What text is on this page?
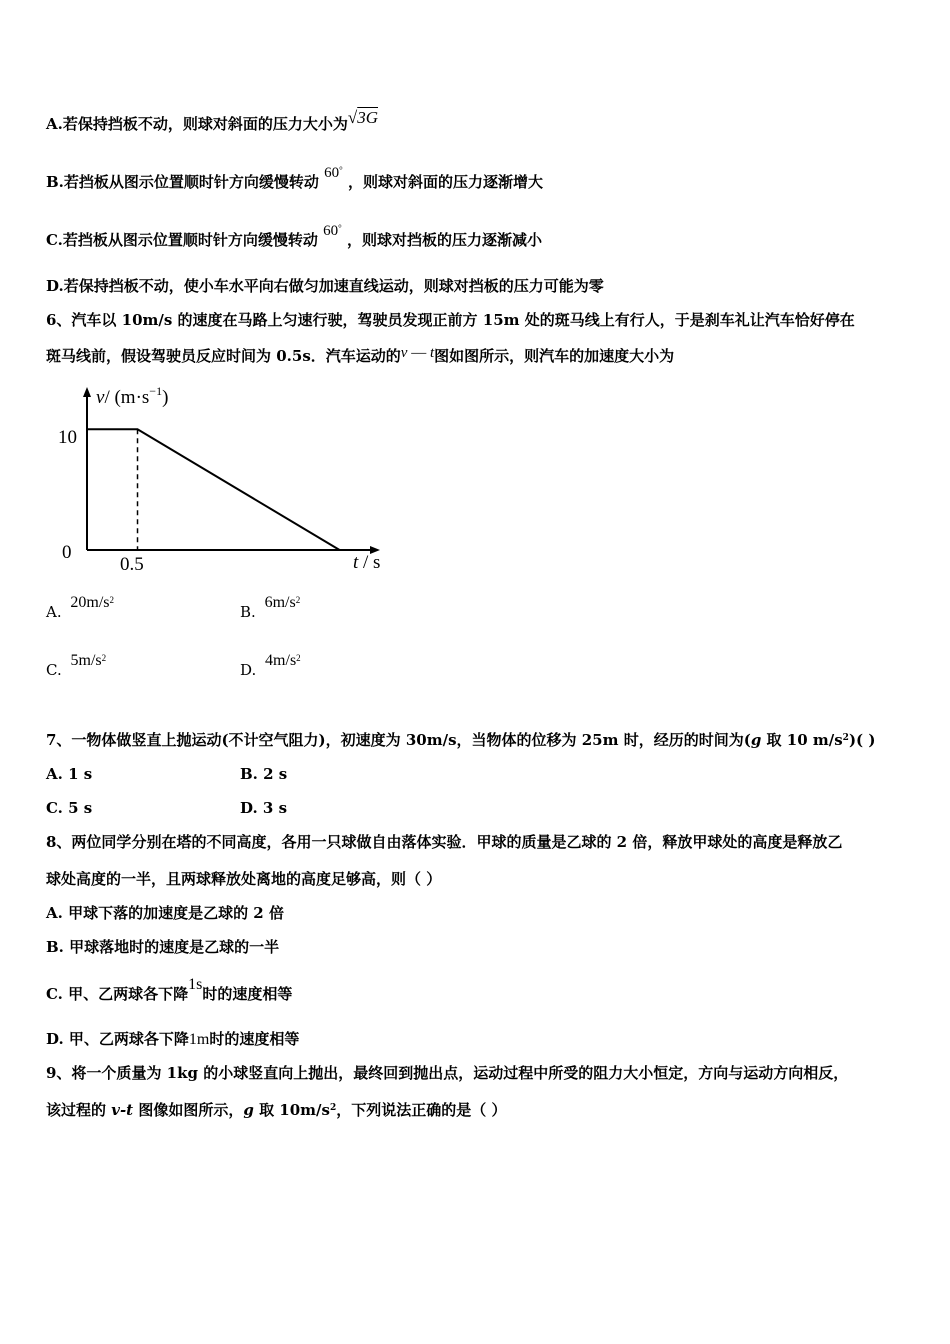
A.若保持挡板不动，则球对斜面的压力大小为√3G
B.若挡板从图示位置顺时针方向缓慢转动 60° ，则球对斜面的压力逐渐增大
C.若挡板从图示位置顺时针方向缓慢转动 60° ，则球对挡板的压力逐渐减小
D.若保持挡板不动，使小车水平向右做匀加速直线运动，则球对挡板的压力可能为零
6、汽车以 10m/s 的速度在马路上匀速行驶，驾驶员发现正前方 15m 处的斑马线上有行人，于是刹车礼让汽车恰好停在
斑马线前，假设驾驶员反应时间为 0.5s．汽车运动的v — t图如图所示，则汽车的加速度大小为
v/ $(m\cdot s^{-1})$
t / s
0
10
0.5
A. $20m/s^2$
B. $6m/s^2$
C. $5m/s^2$
D. $4m/s^2$
7、一物体做竖直上抛运动(不计空气阻力)，初速度为 30m/s，当物体的位移为 25m 时，经历的时间为(g 取 10 $m/s^2$)( )
A. 1 s	B. 2 s
C. 5 s	D. 3 s
8、两位同学分别在塔的不同高度，各用一只球做自由落体实验．甲球的质量是乙球的 2 倍，释放甲球处的高度是释放乙
球处高度的一半，且两球释放处离地的高度足够高，则（ ）
A. 甲球下落的加速度是乙球的 2 倍
B. 甲球落地时的速度是乙球的一半
C. 甲、乙两球各下降1s时的速度相等
D. 甲、乙两球各下降1m时的速度相等
9、将一个质量为 1kg 的小球竖直向上抛出，最终回到抛出点，运动过程中所受的阻力大小恒定，方向与运动方向相反，
该过程的 v-t 图像如图所示，g 取 $10m/s^2$，下列说法正确的是（ ）
